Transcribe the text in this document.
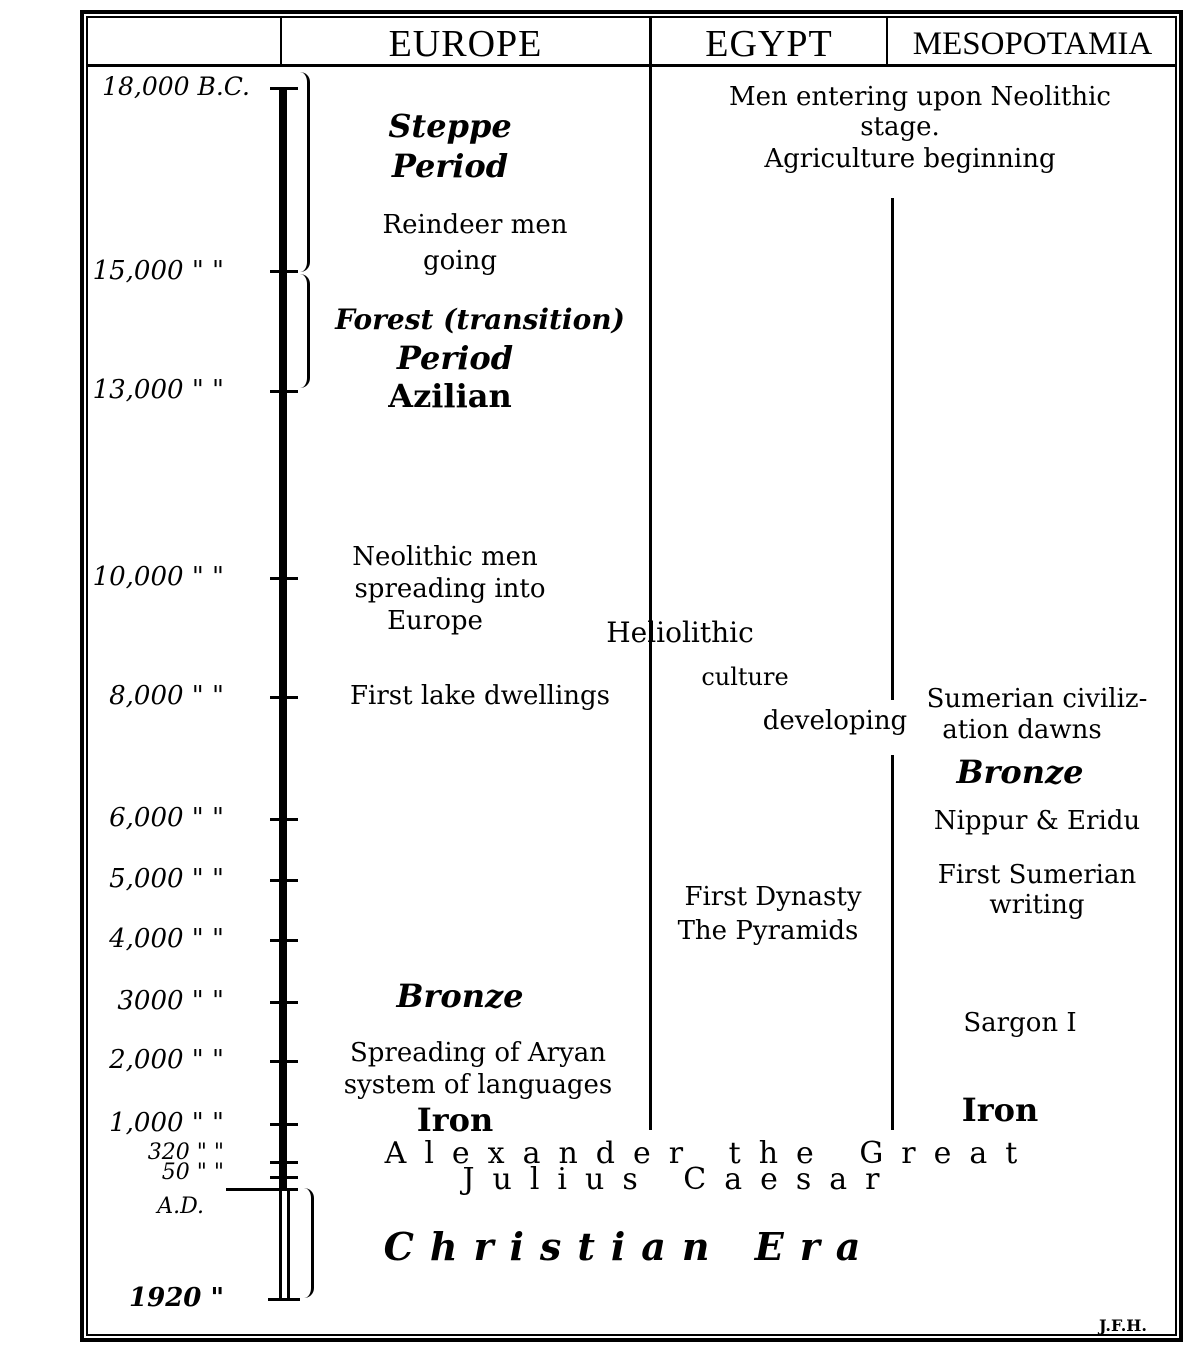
EUROPE	EGYPT	MESOPOTAMIA
18,000 B.C.
15,000 " "
13,000 " "
10,000 " "
8,000 " "
6,000 " "
5,000 " "
4,000 " "
3000 " "
2,000 " "
1,000 " "
320 " "
50 " "
A.D.
1920 "
Steppe
Period
Reindeer men
going
Forest (transition)
Period
Azilian
Neolithic men
spreading into
Europe
First lake dwellings
Bronze
Spreading of Aryan
system of languages
Iron
Men entering upon Neolithic
stage.
Agriculture beginning
Heliolithic
culture
developing
First Dynasty
The Pyramids
Sumerian civiliz-
ation dawns
Bronze
Nippur & Eridu
First Sumerian
writing
Sargon I
Iron
Alexander the Great
Julius Caesar
Christian Era
J.F.H.
